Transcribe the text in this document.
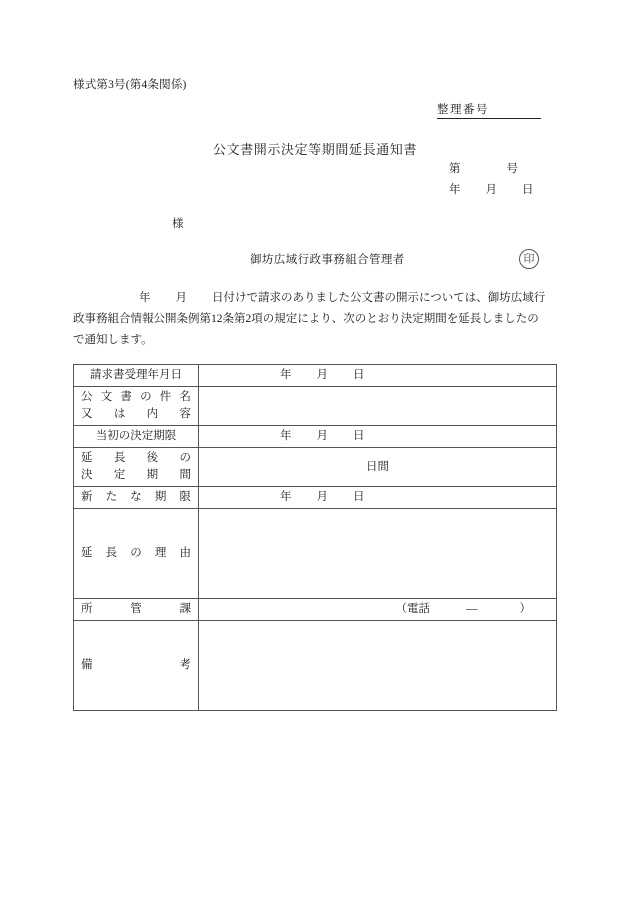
様式第3号(第4条関係)
整理番号
公文書開示決定等期間延長通知書
第	号
年 月 日
様
御坊広域行政事務組合管理者	印
年 月 日付けで請求のありました公文書の開示については、御坊広域行
政事務組合情報公開条例第12条第2項の規定により、次のとおり決定期間を延長しましたの
で通知します。
請求書受理年月日	年 月 日

公文書の件名
又は内容	

当初の決定期限	年 月 日

延長後の
決定期間	日間

新たな期限	年 月 日

延長の理由	

所管課	（電話 ― ）

備考	
